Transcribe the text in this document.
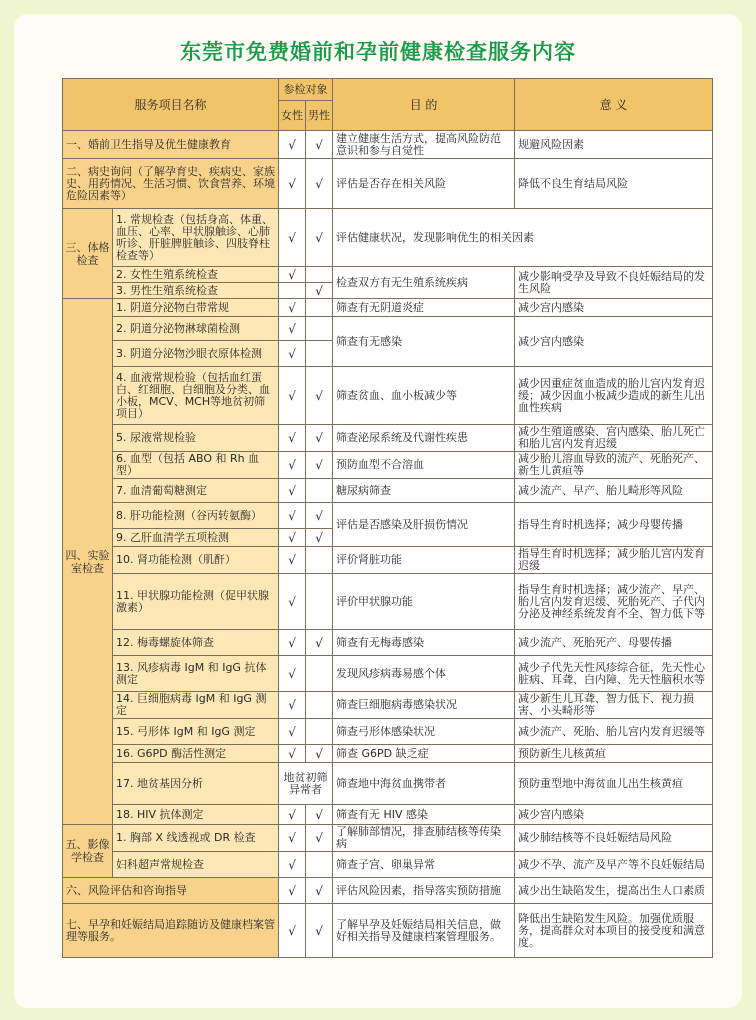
东莞市免费婚前和孕前健康检查服务内容
服务项目名称		参检对象		目 的	意 义
		女性	男性		
一、婚前卫生指导及优生健康教育		√	√	建立健康生活方式，提高风险防范意识和参与自觉性	规避风险因素
二、病史询问（了解孕育史、疾病史、家族史、用药情况、生活习惯、饮食营养、环境危险因素等）		√	√	评估是否存在相关风险	降低不良生育结局风险
三、体格检查	1. 常规检查（包括身高、体重、血压、心率、甲状腺触诊、心肺听诊、肝脏脾脏触诊、四肢脊柱检查等）	√	√	评估健康状况，发现影响优生的相关因素	
	2. 女性生殖系统检查	√		检查双方有无生殖系统疾病	减少影响受孕及导致不良妊娠结局的发生风险
	3. 男性生殖系统检查		√		
四、实验室检查	1. 阴道分泌物白带常规	√		筛查有无阴道炎症	减少宫内感染
	2. 阴道分泌物淋球菌检测	√		筛查有无感染	减少宫内感染
	3. 阴道分泌物沙眼衣原体检测	√			
	4. 血液常规检验（包括血红蛋白、红细胞、白细胞及分类、血小板，MCV、MCH等地贫初筛项目）	√	√	筛查贫血、血小板减少等	减少因重症贫血造成的胎儿宫内发育迟缓；减少因血小板减少造成的新生儿出血性疾病
	5. 尿液常规检验	√	√	筛查泌尿系统及代谢性疾患	减少生殖道感染、宫内感染、胎儿死亡和胎儿宫内发育迟缓
	6. 血型（包括 ABO 和 Rh 血型）	√	√	预防血型不合溶血	减少胎儿溶血导致的流产、死胎死产、新生儿黄疸等
	7. 血清葡萄糖测定	√		糖尿病筛查	减少流产、早产、胎儿畸形等风险
	8. 肝功能检测（谷丙转氨酶）	√	√	评估是否感染及肝损伤情况	指导生育时机选择；减少母婴传播
	9. 乙肝血清学五项检测	√	√		
	10. 肾功能检测（肌酐）	√		评价肾脏功能	指导生育时机选择；减少胎儿宫内发育迟缓
	11. 甲状腺功能检测（促甲状腺激素）	√		评价甲状腺功能	指导生育时机选择；减少流产、早产、胎儿宫内发育迟缓、死胎死产、子代内分泌及神经系统发育不全、智力低下等
	12. 梅毒螺旋体筛查	√	√	筛查有无梅毒感染	减少流产、死胎死产、母婴传播
	13. 风疹病毒 IgM 和 IgG 抗体测定	√		发现风疹病毒易感个体	减少子代先天性风疹综合征，先天性心脏病、耳聋、白内障、先天性脑积水等
	14. 巨细胞病毒 IgM 和 IgG 测定	√		筛查巨细胞病毒感染状况	减少新生儿耳聋、智力低下、视力损害、小头畸形等
	15. 弓形体 IgM 和 IgG 测定	√		筛查弓形体感染状况	减少流产、死胎、胎儿宫内发育迟缓等
	16. G6PD 酶活性测定	√	√	筛查 G6PD 缺乏症	预防新生儿核黄疸
	17. 地贫基因分析	地贫初筛异常者		筛查地中海贫血携带者	预防重型地中海贫血儿出生核黄疸
	18. HIV 抗体测定	√	√	筛查有无 HIV 感染	减少宫内感染
五、影像学检查	1. 胸部 X 线透视或 DR 检查	√	√	了解肺部情况，排查肺结核等传染病	减少肺结核等不良妊娠结局风险
	妇科超声常规检查	√		筛查子宫、卵巢异常	减少不孕、流产及早产等不良妊娠结局
六、风险评估和咨询指导		√	√	评估风险因素，指导落实预防措施	减少出生缺陷发生，提高出生人口素质
七、早孕和妊娠结局追踪随访及健康档案管理等服务。		√	√	了解早孕及妊娠结局相关信息，做好相关指导及健康档案管理服务。	降低出生缺陷发生风险。加强优质服务，提高群众对本项目的接受度和满意度。
